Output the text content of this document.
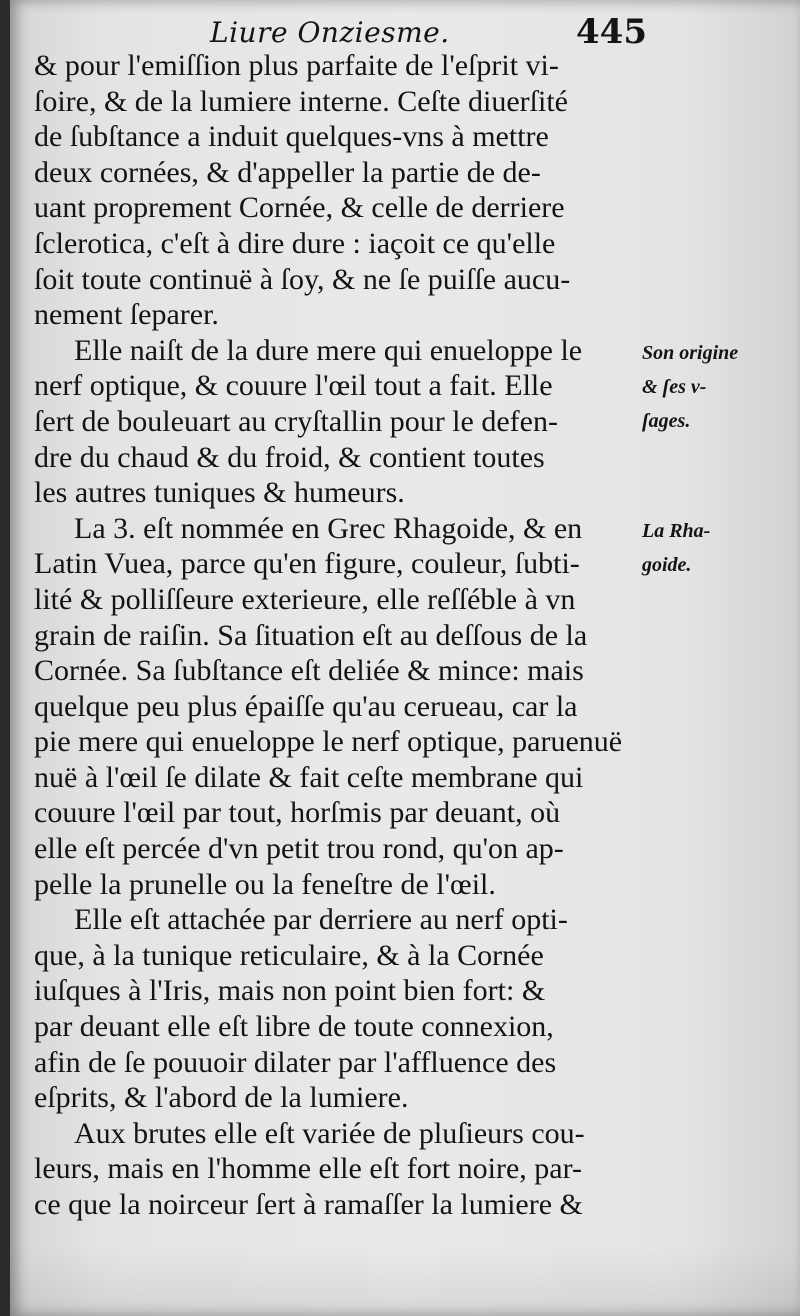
Liure Onziesme.	445
& pour l'emiſſion plus parfaite de l'eſprit vi-
ſoire, & de la lumiere interne. Ceſte diuerſité
de ſubſtance a induit quelques-vns à mettre
deux cornées, & d'appeller la partie de de-
uant proprement Cornée, & celle de derriere
ſclerotica, c'eſt à dire dure : iaçoit ce qu'elle
ſoit toute continuë à ſoy, & ne ſe puiſſe aucu-
nement ſeparer.
Elle naiſt de la dure mere qui enueloppe le
nerf optique, & couure l'œil tout a fait. Elle
ſert de bouleuart au cryſtallin pour le defen-
dre du chaud & du froid, & contient toutes
les autres tuniques & humeurs.
La 3. eſt nommée en Grec Rhagoide, & en
Latin Vuea, parce qu'en figure, couleur, ſubti-
lité & polliſſeure exterieure, elle reſſéble à vn
grain de raiſin. Sa ſituation eſt au deſſous de la
Cornée. Sa ſubſtance eſt deliée & mince: mais
quelque peu plus épaiſſe qu'au cerueau, car la
pie mere qui enueloppe le nerf optique, paruenuë
nuë à l'œil ſe dilate & fait ceſte membrane qui
couure l'œil par tout, horſmis par deuant, où
elle eſt percée d'vn petit trou rond, qu'on ap-
pelle la prunelle ou la feneſtre de l'œil.
Elle eſt attachée par derriere au nerf opti-
que, à la tunique reticulaire, & à la Cornée
iuſques à l'Iris, mais non point bien fort: &
par deuant elle eſt libre de toute connexion,
afin de ſe pouuoir dilater par l'affluence des
eſprits, & l'abord de la lumiere.
Aux brutes elle eſt variée de pluſieurs cou-
leurs, mais en l'homme elle eſt fort noire, par-
ce que la noirceur ſert à ramaſſer la lumiere &
Son origine
& ſes v-
ſages.
La Rha-
goide.
